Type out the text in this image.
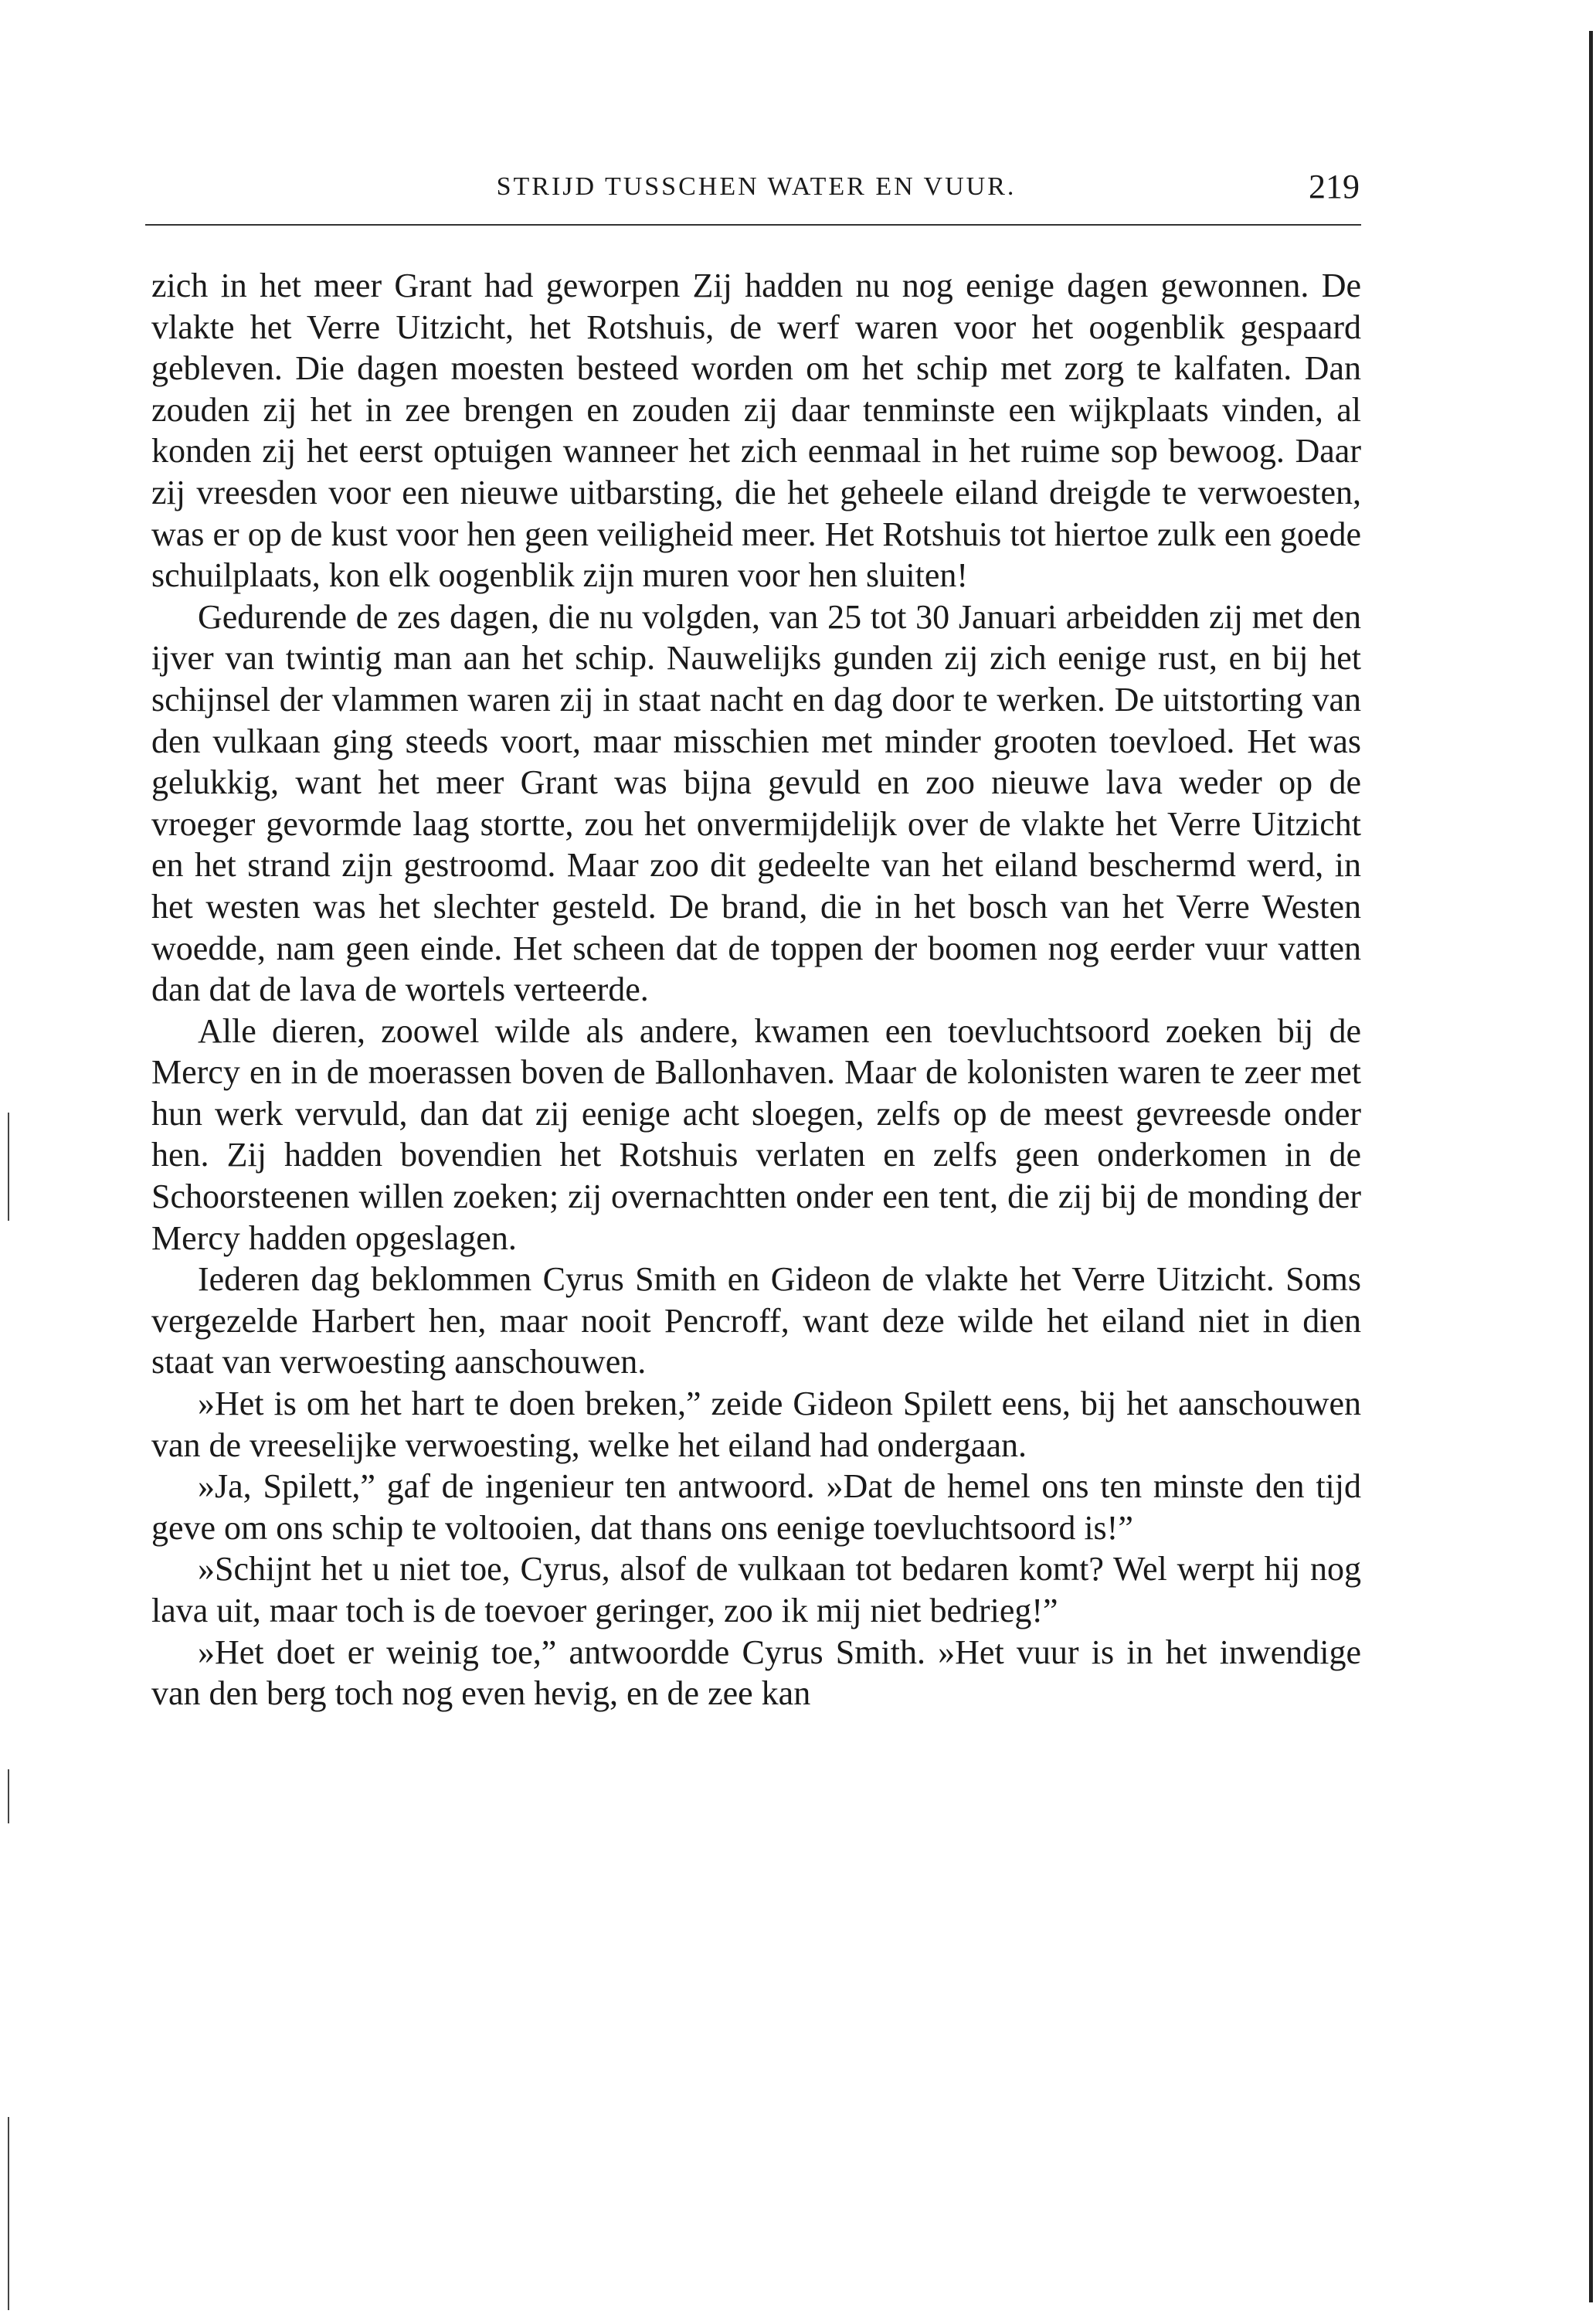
STRIJD TUSSCHEN WATER EN VUUR.	219

zich in het meer Grant had geworpen Zij hadden nu nog eenige dagen gewonnen. De vlakte het Verre Uitzicht, het Rotshuis, de werf waren voor het oogenblik gespaard gebleven. Die dagen moesten besteed worden om het schip met zorg te kalfaten. Dan zouden zij het in zee brengen en zouden zij daar tenminste een wijkplaats vinden, al konden zij het eerst optuigen wanneer het zich eenmaal in het ruime sop bewoog. Daar zij vreesden voor een nieuwe uitbarsting, die het geheele eiland dreigde te verwoesten, was er op de kust voor hen geen veiligheid meer. Het Rotshuis tot hiertoe zulk een goede schuilplaats, kon elk oogenblik zijn muren voor hen sluiten!

Gedurende de zes dagen, die nu volgden, van 25 tot 30 Januari arbeidden zij met den ijver van twintig man aan het schip. Nauwelijks gunden zij zich eenige rust, en bij het schijnsel der vlammen waren zij in staat nacht en dag door te werken. De uitstorting van den vulkaan ging steeds voort, maar misschien met minder grooten toevloed. Het was gelukkig, want het meer Grant was bijna gevuld en zoo nieuwe lava weder op de vroeger gevormde laag stortte, zou het onvermijdelijk over de vlakte het Verre Uitzicht en het strand zijn gestroomd. Maar zoo dit gedeelte van het eiland beschermd werd, in het westen was het slechter gesteld. De brand, die in het bosch van het Verre Westen woedde, nam geen einde. Het scheen dat de toppen der boomen nog eerder vuur vatten dan dat de lava de wortels verteerde.

Alle dieren, zoowel wilde als andere, kwamen een toevluchtsoord zoeken bij de Mercy en in de moerassen boven de Ballonhaven. Maar de kolonisten waren te zeer met hun werk vervuld, dan dat zij eenige acht sloegen, zelfs op de meest gevreesde onder hen. Zij hadden bovendien het Rotshuis verlaten en zelfs geen onderkomen in de Schoorsteenen willen zoeken; zij overnachtten onder een tent, die zij bij de monding der Mercy hadden opgeslagen.

Iederen dag beklommen Cyrus Smith en Gideon de vlakte het Verre Uitzicht. Soms vergezelde Harbert hen, maar nooit Pencroff, want deze wilde het eiland niet in dien staat van verwoesting aanschouwen.

»Het is om het hart te doen breken,” zeide Gideon Spilett eens, bij het aanschouwen van de vreeselijke verwoesting, welke het eiland had ondergaan.

»Ja, Spilett,” gaf de ingenieur ten antwoord. »Dat de hemel ons ten minste den tijd geve om ons schip te voltooien, dat thans ons eenige toevluchtsoord is!”

»Schijnt het u niet toe, Cyrus, alsof de vulkaan tot bedaren komt? Wel werpt hij nog lava uit, maar toch is de toevoer geringer, zoo ik mij niet bedrieg!”

»Het doet er weinig toe,” antwoordde Cyrus Smith. »Het vuur is in het inwendige van den berg toch nog even hevig, en de zee kan
